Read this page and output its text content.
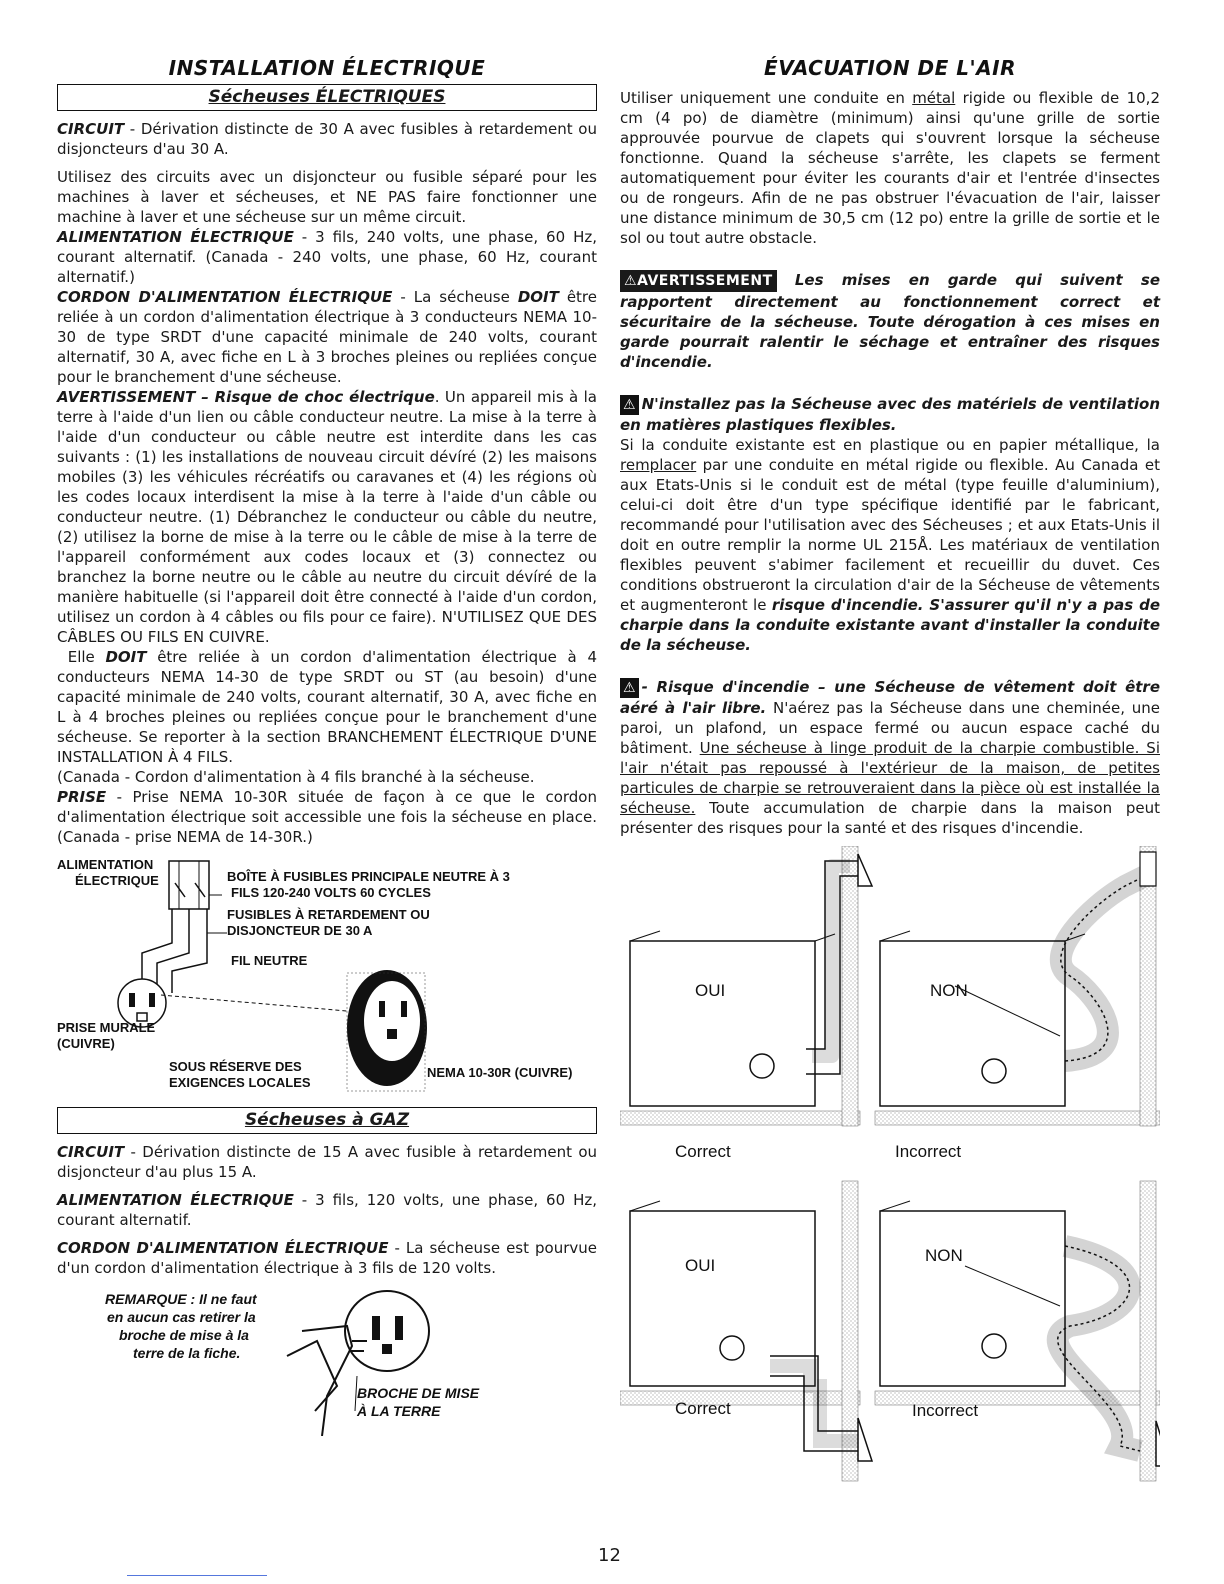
INSTALLATION ÉLECTRIQUE
Sécheuses ÉLECTRIQUES

CIRCUIT - Dérivation distincte de 30 A avec fusibles à retardement ou disjoncteurs d'au 30 A.

Utilisez des circuits avec un disjoncteur ou fusible séparé pour les machines à laver et sécheuses, et NE PAS faire fonctionner une machine à laver et une sécheuse sur un même circuit.

ALIMENTATION ÉLECTRIQUE - 3 fils, 240 volts, une phase, 60 Hz, courant alternatif. (Canada - 240 volts, une phase, 60 Hz, courant alternatif.)

CORDON D'ALIMENTATION ÉLECTRIQUE - La sécheuse DOIT être reliée à un cordon d'alimentation électrique à 3 conducteurs NEMA 10-30 de type SRDT d'une capacité minimale de 240 volts, courant alternatif, 30 A, avec fiche en L à 3 broches pleines ou repliées conçue pour le branchement d'une sécheuse.

AVERTISSEMENT – Risque de choc électrique. Un appareil mis à la terre à l'aide d'un lien ou câble conducteur neutre. La mise à la terre à l'aide d'un conducteur ou câble neutre est interdite dans les cas suivants : (1) les installations de nouveau circuit dévíré (2) les maisons mobiles (3) les véhicules récréatifs ou caravanes et (4) les régions où les codes locaux interdisent la mise à la terre à l'aide d'un câble ou conducteur neutre. (1) Débranchez le conducteur ou câble du neutre, (2) utilisez la borne de mise à la terre ou le câble de mise à la terre de l'appareil conformément aux codes locaux et (3) connectez ou branchez la borne neutre ou le câble au neutre du circuit dévíré de la manière habituelle (si l'appareil doit être connecté à l'aide d'un cordon, utilisez un cordon à 4 câbles ou fils pour ce faire). N'UTILISEZ QUE DES CÂBLES OU FILS EN CUIVRE.

Elle DOIT être reliée à un cordon d'alimentation électrique à 4 conducteurs NEMA 14-30 de type SRDT ou ST (au besoin) d'une capacité minimale de 240 volts, courant alternatif, 30 A, avec fiche en L à 4 broches pleines ou repliées conçue pour le branchement d'une sécheuse. Se reporter à la section BRANCHEMENT ÉLECTRIQUE D'UNE INSTALLATION À 4 FILS.

(Canada - Cordon d'alimentation à 4 fils branché à la sécheuse.

PRISE - Prise NEMA 10-30R située de façon à ce que le cordon d'alimentation électrique soit accessible une fois la sécheuse en place. (Canada - prise NEMA de 14-30R.)

ALIMENTATION
ÉLECTRIQUE	BOÎTE À FUSIBLES PRINCIPALE NEUTRE À 3
FILS 120-240 VOLTS 60 CYCLES
FUSIBLES À RETARDEMENT OU
DISJONCTEUR DE 30 A
FIL NEUTRE
PRISE MURALE
(CUIVRE)
SOUS RÉSERVE DES
EXIGENCES LOCALES
NEMA 10-30R (CUIVRE)
Sécheuses à GAZ

CIRCUIT - Dérivation distincte de 15 A avec fusible à retardement ou disjoncteur d'au plus 15 A.

ALIMENTATION ÉLECTRIQUE - 3 fils, 120 volts, une phase, 60 Hz, courant alternatif.

CORDON D'ALIMENTATION ÉLECTRIQUE - La sécheuse est pourvue d'un cordon d'alimentation électrique à 3 fils de 120 volts.

REMARQUE : Il ne faut
en aucun cas retirer la
broche de mise à la
terre de la fiche.
BROCHE DE MISE
À LA TERRE
ÉVACUATION DE L'AIR

Utiliser uniquement une conduite en métal rigide ou flexible de 10,2 cm (4 po) de diamètre (minimum) ainsi qu'une grille de sortie approuvée pourvue de clapets qui s'ouvrent lorsque la sécheuse fonctionne. Quand la sécheuse s'arrête, les clapets se ferment automatiquement pour éviter les courants d'air et l'entrée d'insectes ou de rongeurs. Afin de ne pas obstruer l'évacuation de l'air, laisser une distance minimum de 30,5 cm (12 po) entre la grille de sortie et le sol ou tout autre obstacle.

⚠AVERTISSEMENT Les mises en garde qui suivent se rapportent directement au fonctionnement correct et sécuritaire de la sécheuse. Toute dérogation à ces mises en garde pourrait ralentir le séchage et entraîner des risques d'incendie.

⚠ N'installez pas la Sécheuse avec des matériels de ventilation en matières plastiques flexibles.

Si la conduite existante est en plastique ou en papier métallique, la remplacer par une conduite en métal rigide ou flexible. Au Canada et aux Etats-Unis si le conduit est de métal (type feuille d'aluminium), celui-ci doit être d'un type spécifique identifié par le fabricant, recommandé pour l'utilisation avec des Sécheuses ; et aux Etats-Unis il doit en outre remplir la norme UL 215Å. Les matériaux de ventilation flexibles peuvent s'abimer facilement et recueillir du duvet. Ces conditions obstrueront la circulation d'air de la Sécheuse de vêtements et augmenteront le risque d'incendie. S'assurer qu'il n'y a pas de charpie dans la conduite existante avant d'installer la conduite de la sécheuse.

⚠ - Risque d'incendie – une Sécheuse de vêtement doit être aéré à l'air libre. N'aérez pas la Sécheuse dans une cheminée, une paroi, un plafond, un espace fermé ou aucun espace caché du bâtiment. Une sécheuse à linge produit de la charpie combustible. Si l'air n'était pas repoussé à l'extérieur de la maison, de petites particules de charpie se retrouveraient dans la pièce où est installée la sécheuse. Toute accumulation de charpie dans la maison peut présenter des risques pour la santé et des risques d'incendie.

OUI	NON
Correct	Incorrect
OUI
NON
Correct	Incorrect
12
